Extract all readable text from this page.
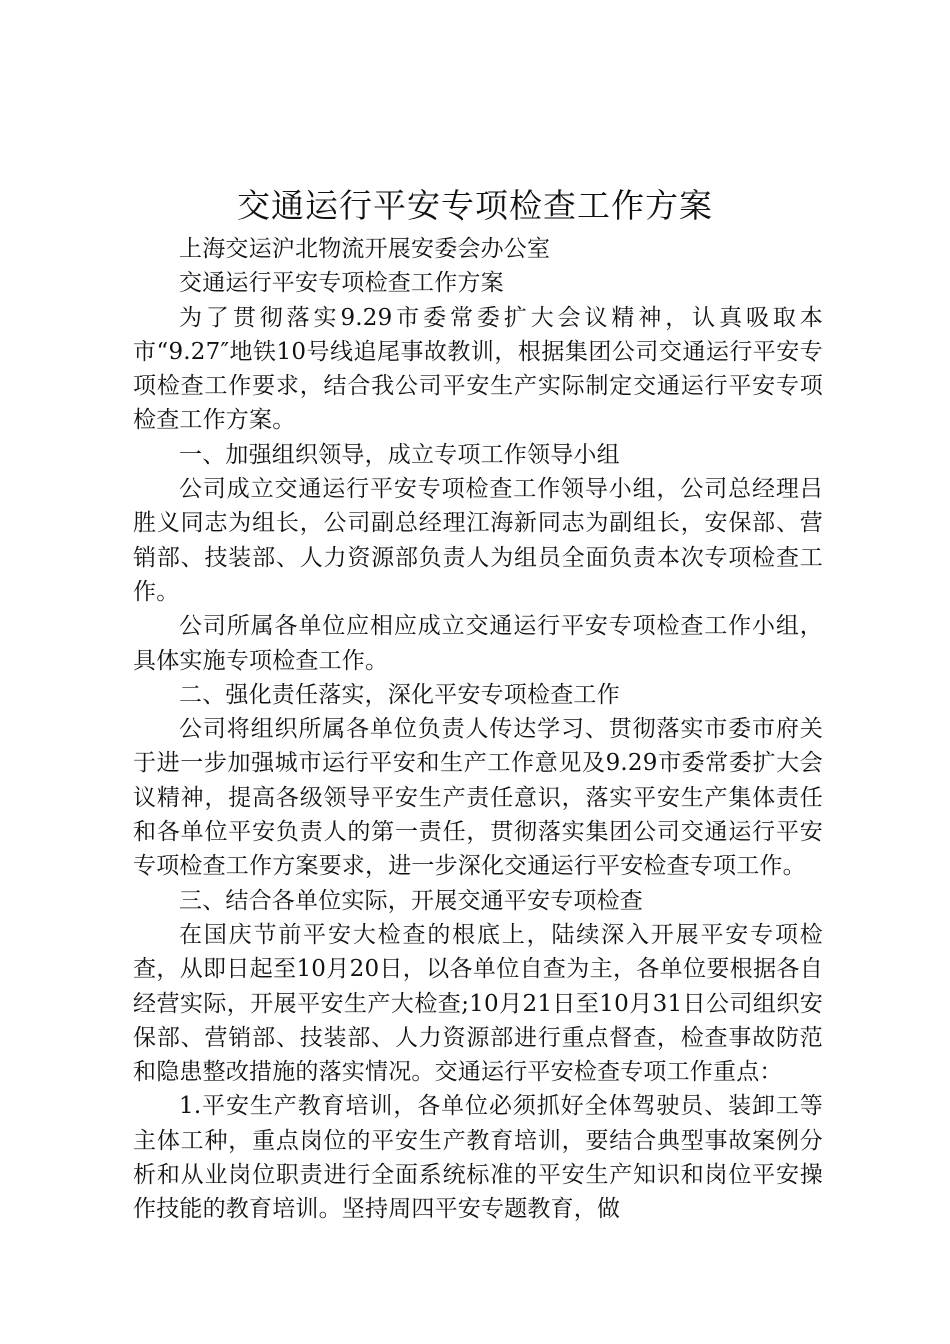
交通运行平安专项检查工作方案

上海交运沪北物流开展安委会办公室

交通运行平安专项检查工作方案

为了贯彻落实9.29市委常委扩大会议精神，认真吸取本市“9.27″地铁10号线追尾事故教训，根据集团公司交通运行平安专项检查工作要求，结合我公司平安生产实际制定交通运行平安专项检查工作方案。

一、加强组织领导，成立专项工作领导小组

公司成立交通运行平安专项检查工作领导小组，公司总经理吕胜义同志为组长，公司副总经理江海新同志为副组长，安保部、营销部、技装部、人力资源部负责人为组员全面负责本次专项检查工作。

公司所属各单位应相应成立交通运行平安专项检查工作小组，具体实施专项检查工作。

二、强化责任落实，深化平安专项检查工作

公司将组织所属各单位负责人传达学习、贯彻落实市委市府关于进一步加强城市运行平安和生产工作意见及9.29市委常委扩大会议精神，提高各级领导平安生产责任意识，落实平安生产集体责任和各单位平安负责人的第一责任，贯彻落实集团公司交通运行平安专项检查工作方案要求，进一步深化交通运行平安检查专项工作。

三、结合各单位实际，开展交通平安专项检查

在国庆节前平安大检查的根底上，陆续深入开展平安专项检查，从即日起至10月20日，以各单位自查为主，各单位要根据各自经营实际，开展平安生产大检查;10月21日至10月31日公司组织安保部、营销部、技装部、人力资源部进行重点督查，检查事故防范和隐患整改措施的落实情况。交通运行平安检查专项工作重点：

1.平安生产教育培训，各单位必须抓好全体驾驶员、装卸工等主体工种，重点岗位的平安生产教育培训，要结合典型事故案例分析和从业岗位职责进行全面系统标准的平安生产知识和岗位平安操作技能的教育培训。坚持周四平安专题教育，做
